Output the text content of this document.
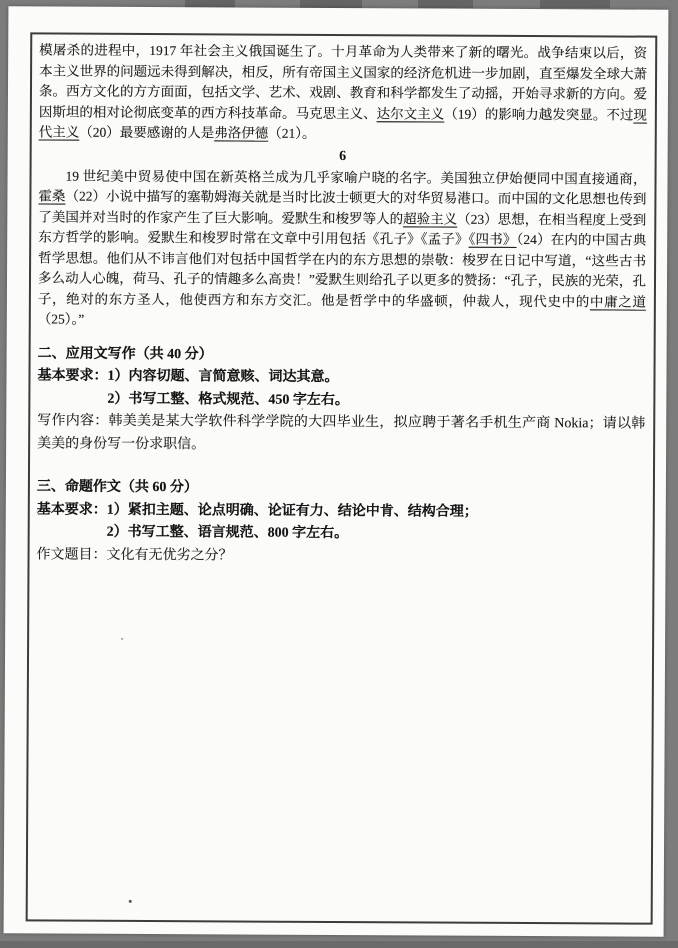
模屠杀的进程中，1917 年社会主义俄国诞生了。十月革命为人类带来了新的曙光。战争结束以后，资本主义世界的问题远未得到解决，相反，所有帝国主义国家的经济危机进一步加剧，直至爆发全球大萧条。西方文化的方方面面，包括文学、艺术、戏剧、教育和科学都发生了动摇，开始寻求新的方向。爱因斯坦的相对论彻底变革的西方科技革命。马克思主义、达尔文主义（19）的影响力越发突显。不过现代主义（20）最要感谢的人是弗洛伊德（21）。

6

19 世纪美中贸易使中国在新英格兰成为几乎家喻户晓的名字。美国独立伊始便同中国直接通商，霍桑（22）小说中描写的塞勒姆海关就是当时比波士顿更大的对华贸易港口。而中国的文化思想也传到了美国并对当时的作家产生了巨大影响。爱默生和梭罗等人的超验主义（23）思想，在相当程度上受到东方哲学的影响。爱默生和梭罗时常在文章中引用包括《孔子》《孟子》《四书》（24）在内的中国古典哲学思想。他们从不讳言他们对包括中国哲学在内的东方思想的崇敬：梭罗在日记中写道，“这些古书多么动人心魄，荷马、孔子的情趣多么高贵！”爱默生则给孔子以更多的赞扬：“孔子，民族的光荣，孔子，绝对的东方圣人，他使西方和东方交汇。他是哲学中的华盛顿，仲裁人，现代史中的中庸之道（25）。”

二、应用文写作（共 40 分）
基本要求：1）内容切题、言简意赅、词达其意。
2）书写工整、格式规范、450 字左右。
写作内容：韩美美是某大学软件科学学院的大四毕业生，拟应聘于著名手机生产商 Nokia；请以韩美美的身份写一份求职信。
三、命题作文（共 60 分）
基本要求：1）紧扣主题、论点明确、论证有力、结论中肯、结构合理；
2）书写工整、语言规范、800 字左右。
作文题目：文化有无优劣之分？
